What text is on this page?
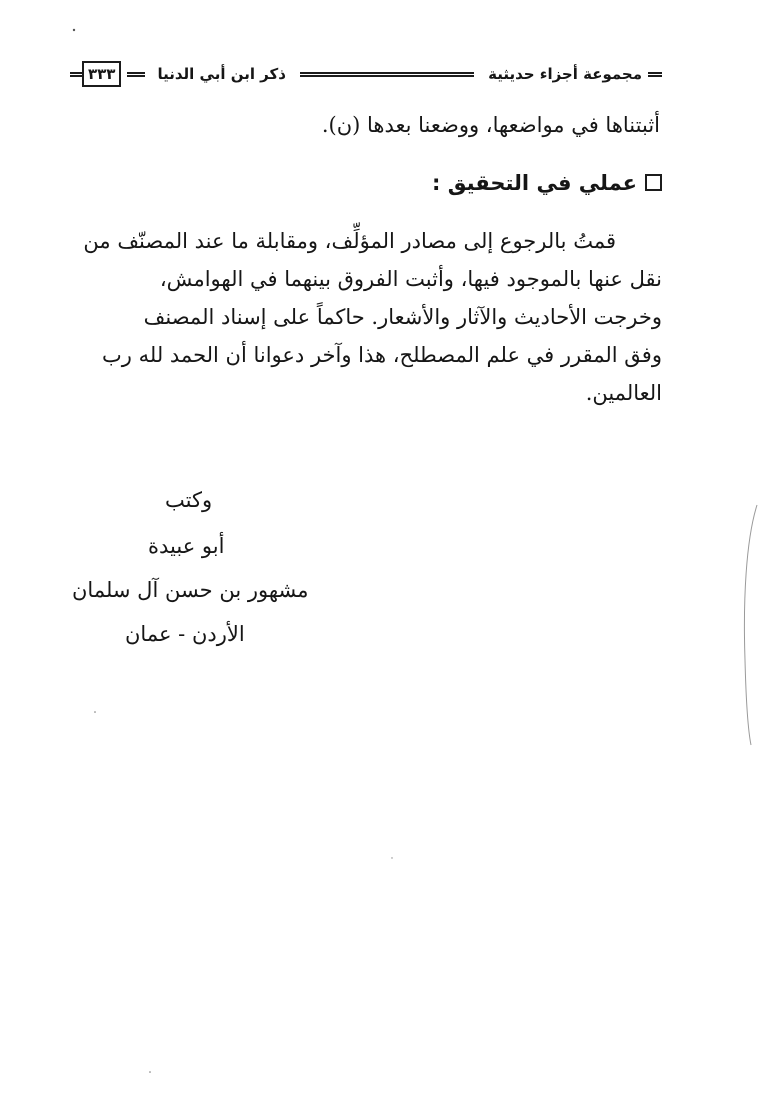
مجموعة أجزاء حديثية
ذكر ابن أبي الدنيا
٣٣٣
أثبتناها في مواضعها، ووضعنا بعدها (ن).
عملي في التحقيق :

قمتُ بالرجوع إلى مصادر المؤلِّف، ومقابلة ما عند المصنّف من

نقل عنها بالموجود فيها، وأثبت الفروق بينهما في الهوامش،

وخرجت الأحاديث والآثار والأشعار. حاكماً على إسناد المصنف

وفق المقرر في علم المصطلح، هذا وآخر دعوانا أن الحمد لله رب

العالمين.

وكتب
أبو عبيدة
مشهور بن حسن آل سلمان
الأردن - عمان
